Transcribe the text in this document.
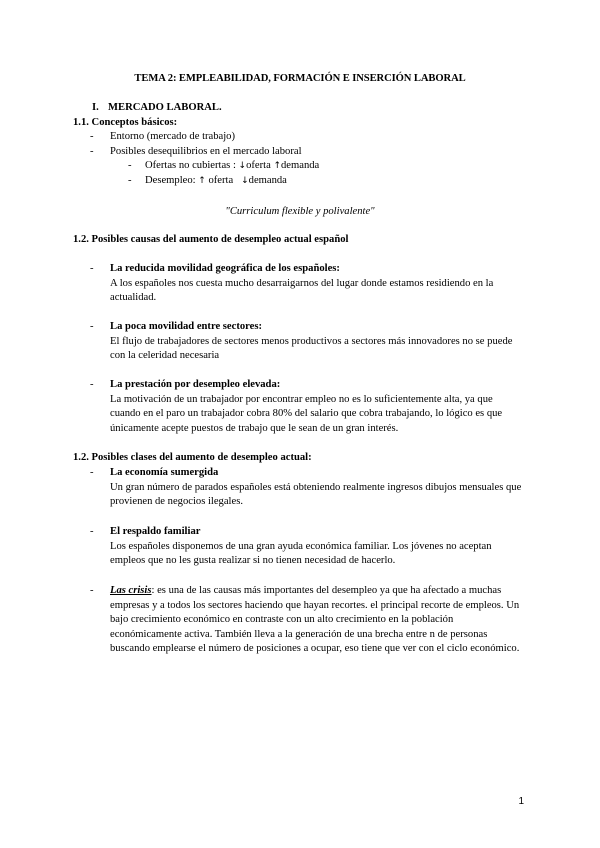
TEMA 2: EMPLEABILIDAD, FORMACIÓN E INSERCIÓN LABORAL
I. MERCADO LABORAL.
1.1. Conceptos básicos:
- Entorno (mercado de trabajo)
- Posibles desequilibrios en el mercado laboral
- Ofertas no cubiertas : ↓oferta ↑demanda
- Desempleo: ↑ oferta   ↓demanda
"Curriculum flexible y polivalente"
1.2. Posibles causas del aumento de desempleo actual español
- La reducida movilidad geográfica de los españoles:

A los españoles nos cuesta mucho desarraigarnos del lugar donde estamos residiendo en la actualidad.

- La poca movilidad entre sectores:

El flujo de trabajadores de sectores menos productivos a sectores más innovadores no se puede con la celeridad necesaria

- La prestación por desempleo elevada:

La motivación de un trabajador por encontrar empleo no es lo suficientemente alta, ya que cuando en el paro un trabajador cobra 80% del salario que cobra trabajando, lo lógico es que únicamente acepte puestos de trabajo que le sean de un gran interés.

1.2. Posibles clases del aumento de desempleo actual:
- La economía sumergida

Un gran número de parados españoles está obteniendo realmente ingresos dibujos mensuales que provienen de negocios ilegales.

- El respaldo familiar

Los españoles disponemos de una gran ayuda económica familiar. Los jóvenes no aceptan empleos que no les gusta realizar si no tienen necesidad de hacerlo.

- Las crisis: es una de las causas más importantes del desempleo ya que ha afectado a muchas empresas y a todos los sectores haciendo que hayan recortes. el principal recorte de empleos. Un bajo crecimiento económico en contraste con un alto crecimiento en la población económicamente activa. También lleva a la generación de una brecha entre n de personas buscando emplearse el número de posiciones a ocupar, eso tiene que ver con el ciclo económico.

1
